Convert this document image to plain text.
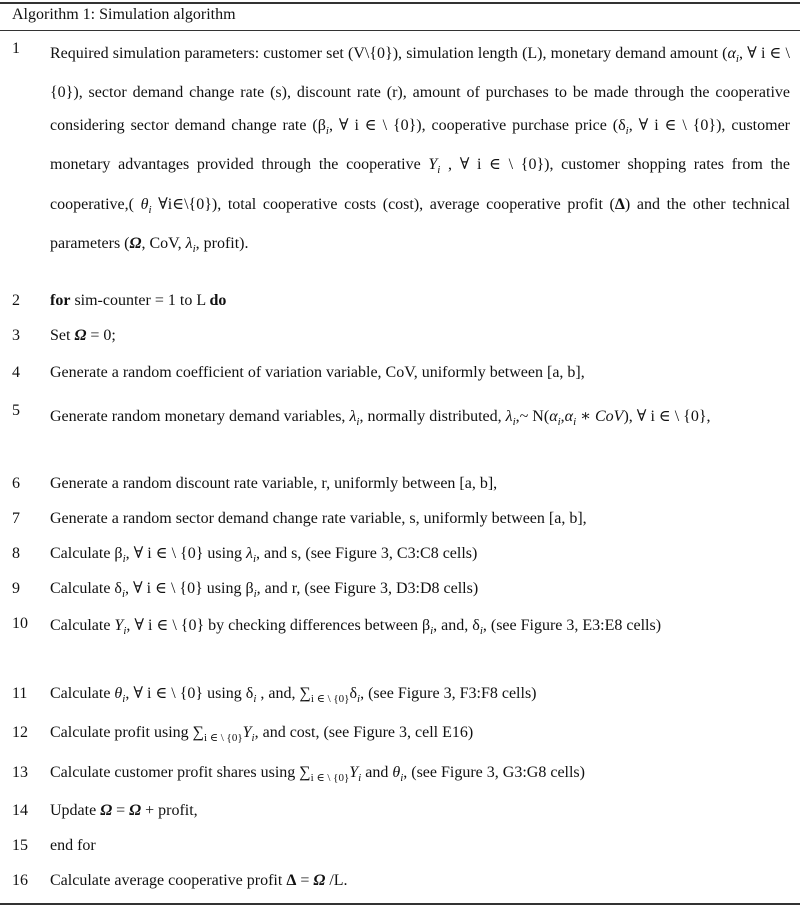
Algorithm 1: Simulation algorithm
1 Required simulation parameters: customer set (V\{0}), simulation length (L), monetary demand amount ($\alpha_i$, ∀ i ∈ \ {0}), sector demand change rate (s), discount rate (r), amount of purchases to be made through the cooperative considering sector demand change rate ($\beta_i$, ∀ i ∈ \ {0}), cooperative purchase price ($\delta_i$, ∀ i ∈ \ {0}), customer monetary advantages provided through the cooperative $\Upsilon_i$ , ∀ i ∈ \ {0}), customer shopping rates from the cooperative,( $\theta_i$ ∀i∈\{0}), total cooperative costs (cost), average cooperative profit (Δ) and the other technical parameters (Ω, CoV, $\lambda_i$, profit).
2 for sim-counter = 1 to L do
3 Set Ω = 0;
4 Generate a random coefficient of variation variable, CoV, uniformly between [a, b],
5 Generate random monetary demand variables, $\lambda_i$, normally distributed, $\lambda_i,\sim$ $N(\alpha_i,\alpha_i$ ∗ CoV), ∀ i ∈ \ {0},
6 Generate a random discount rate variable, r, uniformly between [a, b],
7 Generate a random sector demand change rate variable, s, uniformly between [a, b],
8 Calculate $\beta_i$, ∀ i ∈ \ {0} using $\lambda_i$, and s, (see Figure 3, C3:C8 cells)
9 Calculate $\delta_i$, ∀ i ∈ \ {0} using $\beta_i$, and r, (see Figure 3, D3:D8 cells)
10 Calculate $\Upsilon_i$, ∀ i ∈ \ {0} by checking differences between $\beta_i$, and, $\delta_i$, (see Figure 3, E3:E8 cells)
11 Calculate $\theta_i$, ∀ i ∈ \ {0} using $\delta_i$ , and, $\sum_{i \in \backslash \{0\}}\delta_i$, (see Figure 3, F3:F8 cells)
12 Calculate profit using $\sum_{i \in \backslash \{0\}}\Upsilon_i$, and cost, (see Figure 3, cell E16)
13 Calculate customer profit shares using $\sum_{i \in \backslash \{0\}}\Upsilon_i$ and $\theta_i$, (see Figure 3, G3:G8 cells)
14 Update Ω = Ω + profit,
15 end for
16 Calculate average cooperative profit Δ = Ω /L.
